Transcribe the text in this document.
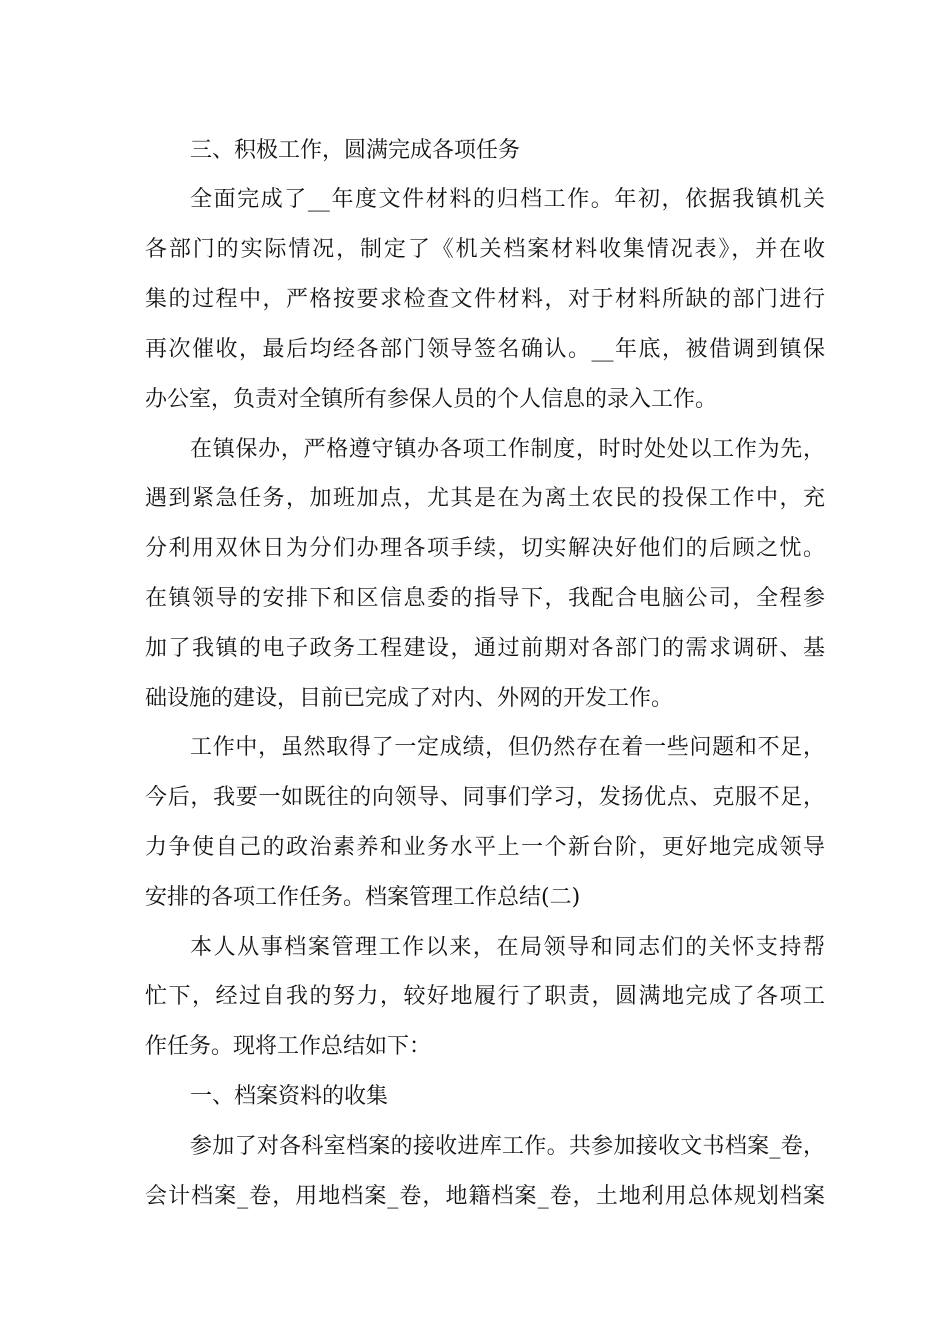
三、积极工作，圆满完成各项任务
全面完成了__年度文件材料的归档工作。年初，依据我镇机关
各部门的实际情况，制定了《机关档案材料收集情况表》，并在收
集的过程中，严格按要求检查文件材料，对于材料所缺的部门进行
再次催收，最后均经各部门领导签名确认。__年底，被借调到镇保
办公室，负责对全镇所有参保人员的个人信息的录入工作。
在镇保办，严格遵守镇办各项工作制度，时时处处以工作为先，
遇到紧急任务，加班加点，尤其是在为离土农民的投保工作中，充
分利用双休日为分们办理各项手续，切实解决好他们的后顾之忧。
在镇领导的安排下和区信息委的指导下，我配合电脑公司，全程参
加了我镇的电子政务工程建设，通过前期对各部门的需求调研、基
础设施的建设，目前已完成了对内、外网的开发工作。
工作中，虽然取得了一定成绩，但仍然存在着一些问题和不足，
今后，我要一如既往的向领导、同事们学习，发扬优点、克服不足，
力争使自己的政治素养和业务水平上一个新台阶，更好地完成领导
安排的各项工作任务。档案管理工作总结(二)
本人从事档案管理工作以来，在局领导和同志们的关怀支持帮
忙下，经过自我的努力，较好地履行了职责，圆满地完成了各项工
作任务。现将工作总结如下：
一、档案资料的收集
参加了对各科室档案的接收进库工作。共参加接收文书档案_卷，
会计档案_卷，用地档案_卷，地籍档案_卷，土地利用总体规划档案
